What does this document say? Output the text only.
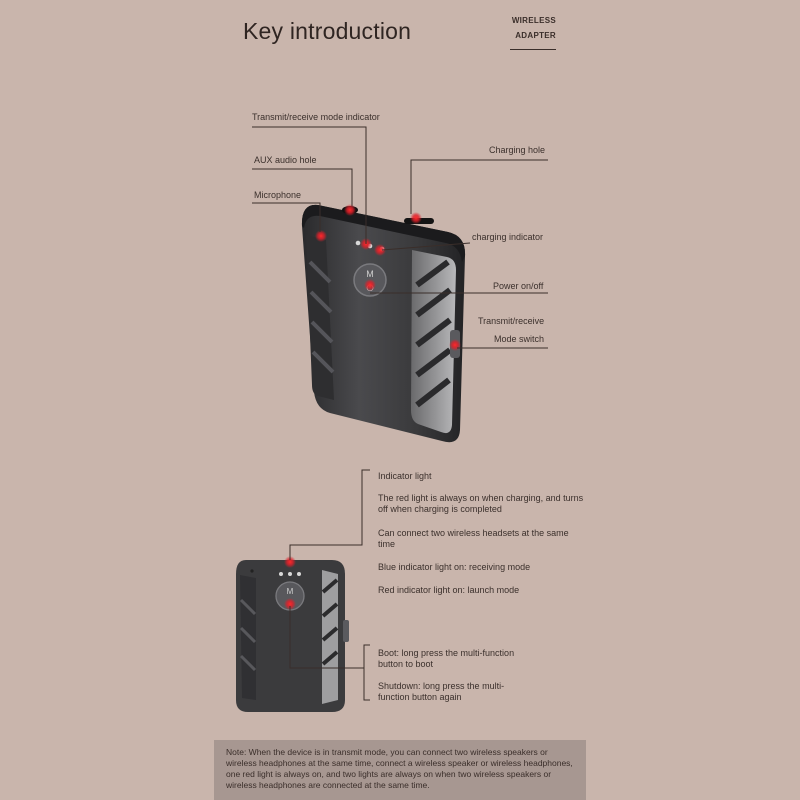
Key introduction	WIRELESS
ADAPTER
M
M
Transmit/receive mode indicator
AUX audio hole
Microphone
Charging hole
charging indicator
Power on/off
Transmit/receive
Mode switch
Indicator light
The red light is always on when charging, and turns off when charging is completed
Can connect two wireless headsets at the same time
Blue indicator light on: receiving mode
Red indicator light on: launch mode
Boot: long press the multi-function button to boot
Shutdown: long press the multi-function button again
Note: When the device is in transmit mode, you can connect two wireless speakers or wireless headphones at the same time, connect a wireless speaker or wireless headphones, one red light is always on, and two lights are always on when two wireless speakers or wireless headphones are connected at the same time.
